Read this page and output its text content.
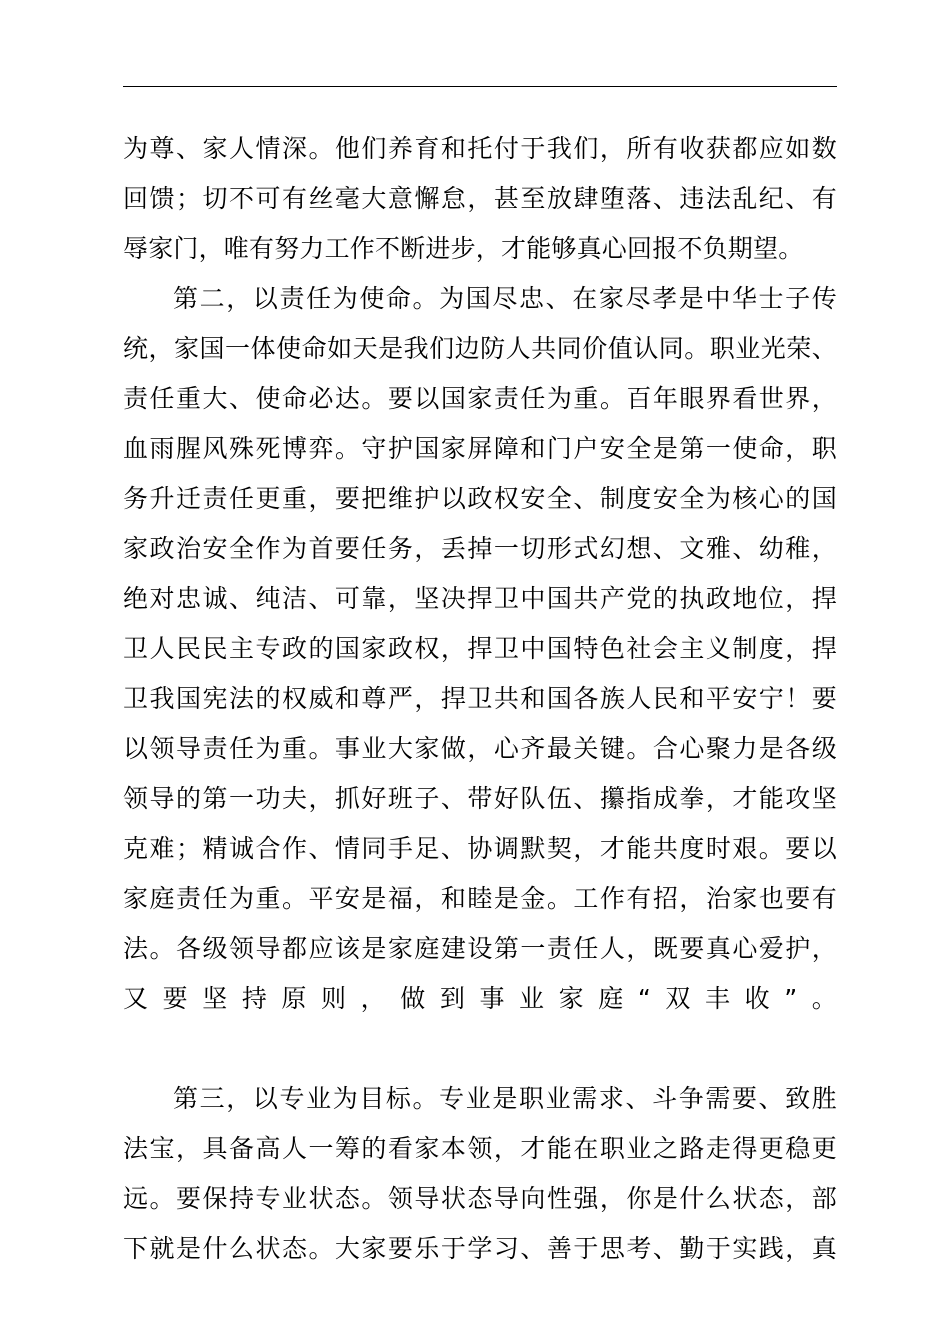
为尊、家人情深。他们养育和托付于我们，所有收获都应如数
回馈；切不可有丝毫大意懈怠，甚至放肆堕落、违法乱纪、有
辱家门，唯有努力工作不断进步，才能够真心回报不负期望。
第二，以责任为使命。为国尽忠、在家尽孝是中华士子传
统，家国一体使命如天是我们边防人共同价值认同。职业光荣、
责任重大、使命必达。要以国家责任为重。百年眼界看世界，
血雨腥风殊死博弈。守护国家屏障和门户安全是第一使命，职
务升迁责任更重，要把维护以政权安全、制度安全为核心的国
家政治安全作为首要任务，丢掉一切形式幻想、文雅、幼稚，
绝对忠诚、纯洁、可靠，坚决捍卫中国共产党的执政地位，捍
卫人民民主专政的国家政权，捍卫中国特色社会主义制度，捍
卫我国宪法的权威和尊严，捍卫共和国各族人民和平安宁！要
以领导责任为重。事业大家做，心齐最关键。合心聚力是各级
领导的第一功夫，抓好班子、带好队伍、攥指成拳，才能攻坚
克难；精诚合作、情同手足、协调默契，才能共度时艰。要以
家庭责任为重。平安是福，和睦是金。工作有招，治家也要有
法。各级领导都应该是家庭建设第一责任人，既要真心爱护，
又要坚持原则，做到事业家庭“双丰收”。
第三，以专业为目标。专业是职业需求、斗争需要、致胜
法宝，具备高人一筹的看家本领，才能在职业之路走得更稳更
远。要保持专业状态。领导状态导向性强，你是什么状态，部
下就是什么状态。大家要乐于学习、善于思考、勤于实践，真
